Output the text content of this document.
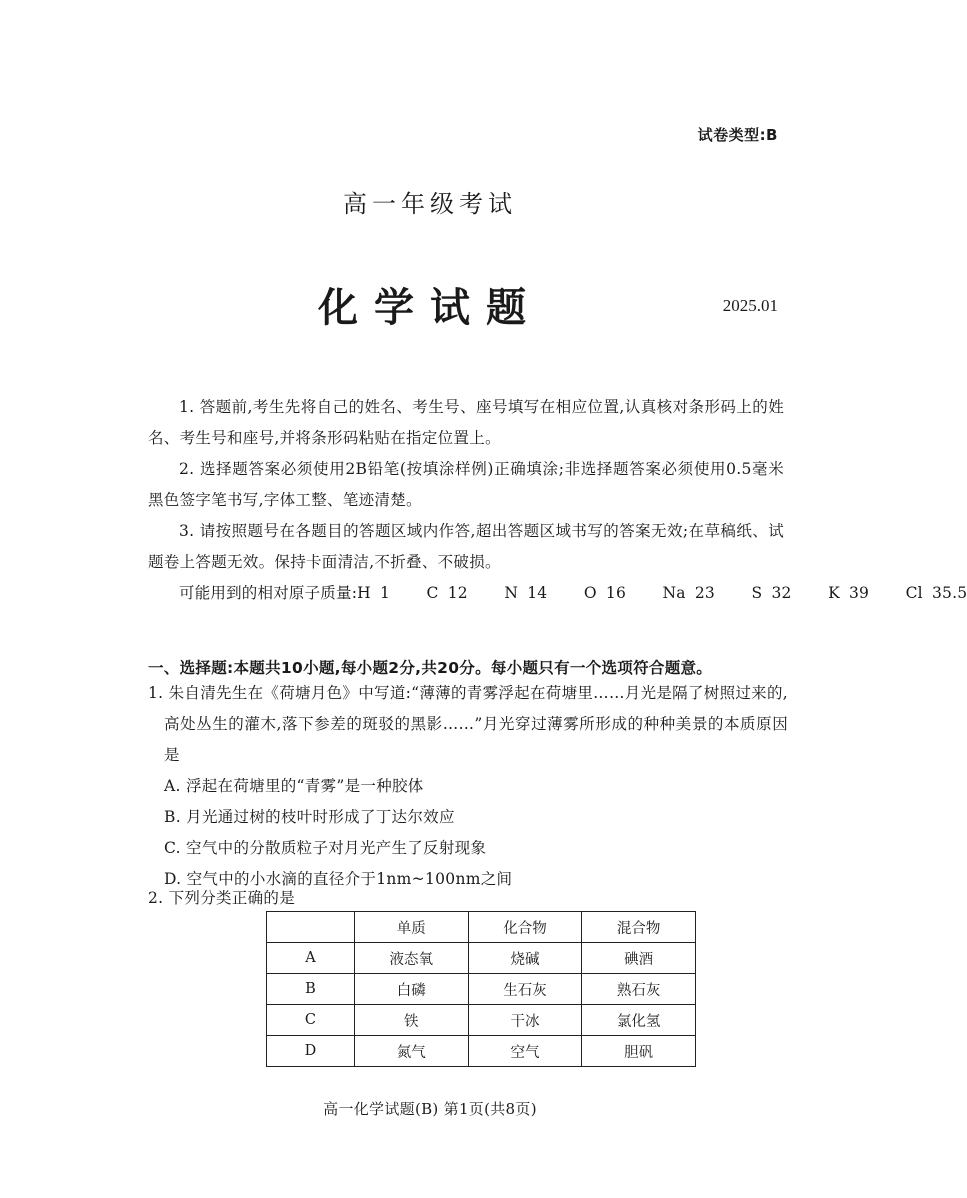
试卷类型:B
高一年级考试
化学试题	2025.01

1. 答题前,考生先将自己的姓名、考生号、座号填写在相应位置,认真核对条形码上的姓名、考生号和座号,并将条形码粘贴在指定位置上。

2. 选择题答案必须使用2B铅笔(按填涂样例)正确填涂;非选择题答案必须使用0.5毫米黑色签字笔书写,字体工整、笔迹清楚。

3. 请按照题号在各题目的答题区域内作答,超出答题区域书写的答案无效;在草稿纸、试题卷上答题无效。保持卡面清洁,不折叠、不破损。

可能用到的相对原子质量:H 1    C 12    N 14    O 16    Na 23    S 32    K 39    Cl 35.5

一、选择题:本题共10小题,每小题2分,共20分。每小题只有一个选项符合题意。

1. 朱自清先生在《荷塘月色》中写道:“薄薄的青雾浮起在荷塘里……月光是隔了树照过来的,高处丛生的灌木,落下参差的斑驳的黑影……”月光穿过薄雾所形成的种种美景的本质原因是

A. 浮起在荷塘里的“青雾”是一种胶体

B. 月光通过树的枝叶时形成了丁达尔效应

C. 空气中的分散质粒子对月光产生了反射现象

D. 空气中的小水滴的直径介于1nm~100nm之间

2. 下列分类正确的是

	单质	化合物	混合物
A	液态氧	烧碱	碘酒
B	白磷	生石灰	熟石灰
C	铁	干冰	氯化氢
D	氮气	空气	胆矾
高一化学试题(B) 第1页(共8页)
